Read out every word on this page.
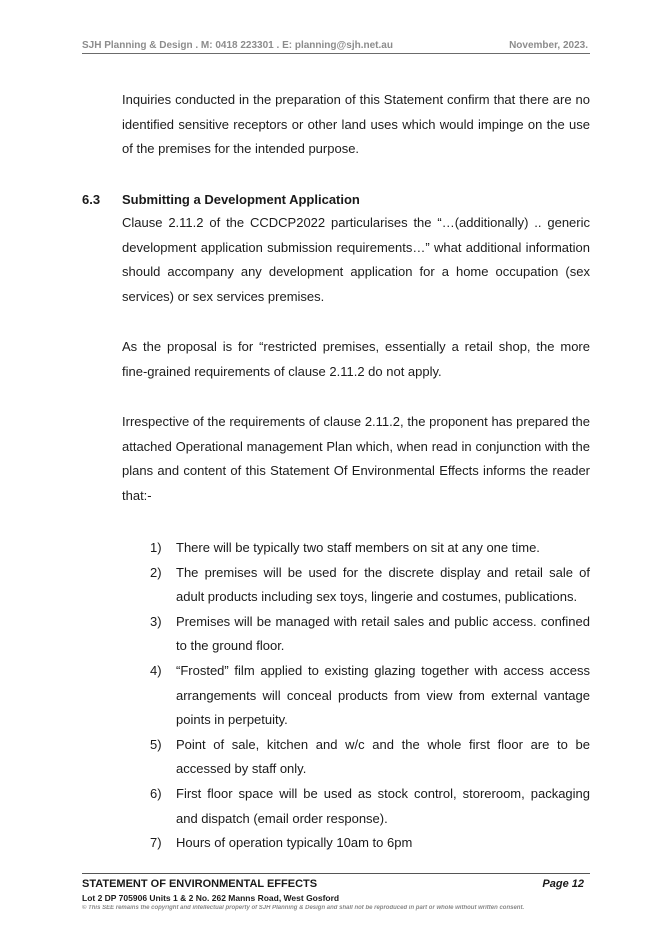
SJH Planning & Design . M: 0418 223301 . E: planning@sjh.net.au	November, 2023.

Inquiries conducted in the preparation of this Statement confirm that there are no identified sensitive receptors or other land uses which would impinge on the use of the premises for the intended purpose.

6.3 Submitting a Development Application

Clause 2.11.2 of the CCDCP2022 particularises the “…(additionally) .. generic development application submission requirements…” what additional information should accompany any development application for a home occupation (sex services) or sex services premises.

As the proposal is for “restricted premises, essentially a retail shop, the more fine-grained requirements of clause 2.11.2 do not apply.

Irrespective of the requirements of clause 2.11.2, the proponent has prepared the attached Operational management Plan which, when read in conjunction with the plans and content of this Statement Of Environmental Effects informs the reader that:-

1) There will be typically two staff members on sit at any one time.
2) The premises will be used for the discrete display and retail sale of adult products including sex toys, lingerie and costumes, publications.
3) Premises will be managed with retail sales and public access. confined to the ground floor.
4) “Frosted” film applied to existing glazing together with access access arrangements will conceal products from view from external vantage points in perpetuity.
5) Point of sale, kitchen and w/c and the whole first floor are to be accessed by staff only.
6) First floor space will be used as stock control, storeroom, packaging and dispatch (email order response).
7) Hours of operation typically 10am to 6pm
STATEMENT OF ENVIRONMENTAL EFFECTS	Page 12
Lot 2 DP 705906 Units 1 & 2 No. 262 Manns Road, West Gosford
© This SEE remains the copyright and intellectual property of SJH Planning & Design and shall not be reproduced in part or whole without written consent.
